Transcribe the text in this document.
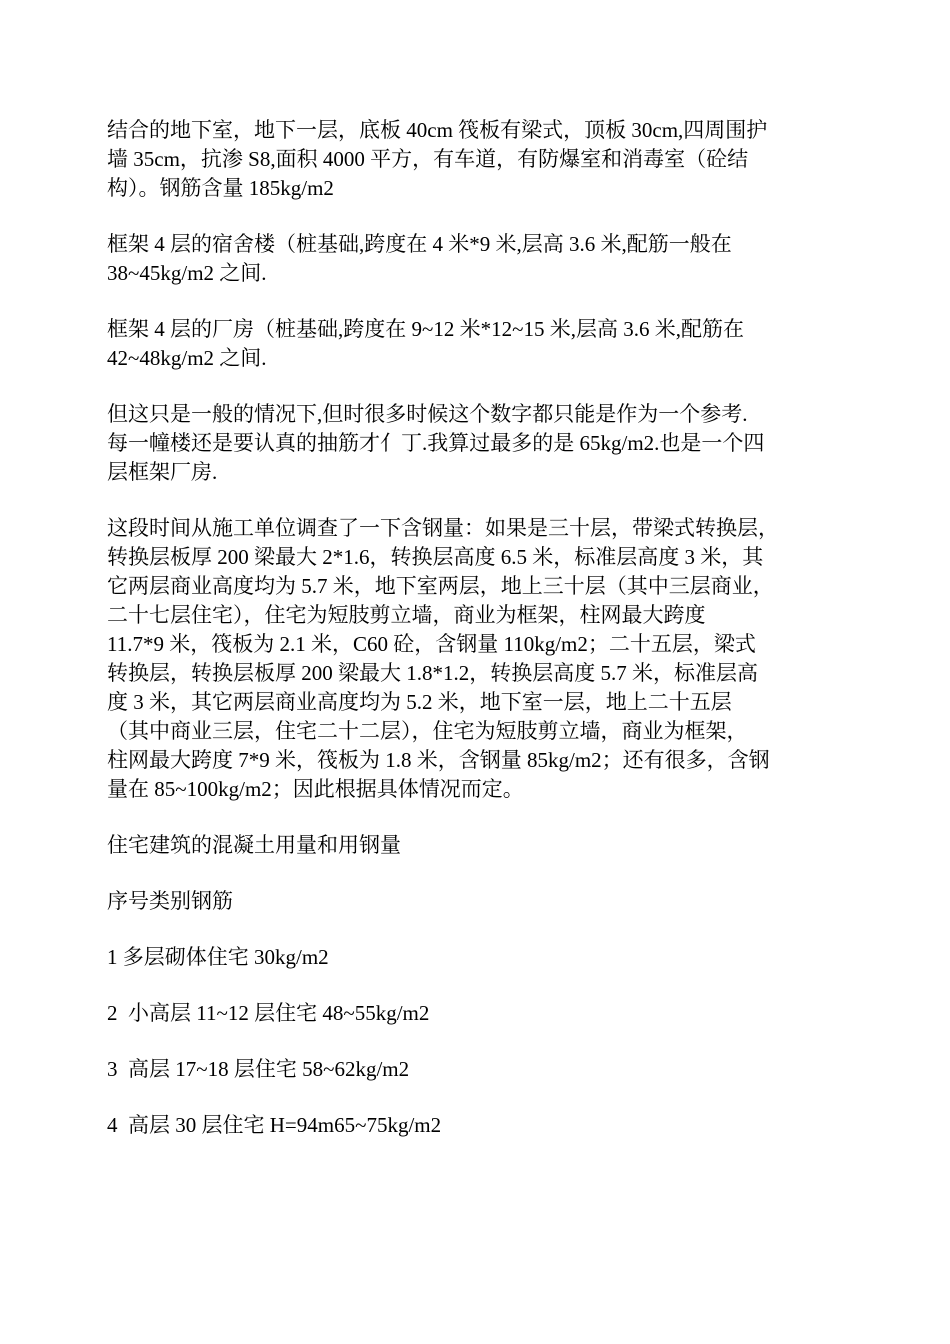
结合的地下室，地下一层，底板 40cm 筏板有梁式，顶板 30cm,四周围护
墙 35cm，抗渗 S8,面积 4000 平方，有车道，有防爆室和消毒室（砼结
构）。钢筋含量 185kg/m2

框架 4 层的宿舍楼（桩基础,跨度在 4 米*9 米,层高 3.6 米,配筋一般在
38~45kg/m2 之间.

框架 4 层的厂房（桩基础,跨度在 9~12 米*12~15 米,层高 3.6 米,配筋在
42~48kg/m2 之间.

但这只是一般的情况下,但时很多时候这个数字都只能是作为一个参考.
每一幢楼还是要认真的抽筋才亻丁.我算过最多的是 65kg/m2.也是一个四
层框架厂房.

这段时间从施工单位调查了一下含钢量：如果是三十层，带梁式转换层，
转换层板厚 200 梁最大 2*1.6，转换层高度 6.5 米，标准层高度 3 米，其
它两层商业高度均为 5.7 米，地下室两层，地上三十层（其中三层商业，
二十七层住宅），住宅为短肢剪立墙，商业为框架，柱网最大跨度
11.7*9 米，筏板为 2.1 米，C60 砼，含钢量 110kg/m2；二十五层，梁式
转换层，转换层板厚 200 梁最大 1.8*1.2，转换层高度 5.7 米，标准层高
度 3 米，其它两层商业高度均为 5.2 米，地下室一层，地上二十五层
（其中商业三层，住宅二十二层），住宅为短肢剪立墙，商业为框架，
柱网最大跨度 7*9 米，筏板为 1.8 米，含钢量 85kg/m2；还有很多，含钢
量在 85~100kg/m2；因此根据具体情况而定。

住宅建筑的混凝土用量和用钢量

序号类别钢筋

1 多层砌体住宅 30kg/m2

2  小高层 11~12 层住宅 48~55kg/m2

3  高层 17~18 层住宅 58~62kg/m2

4  高层 30 层住宅 H=94m65~75kg/m2
